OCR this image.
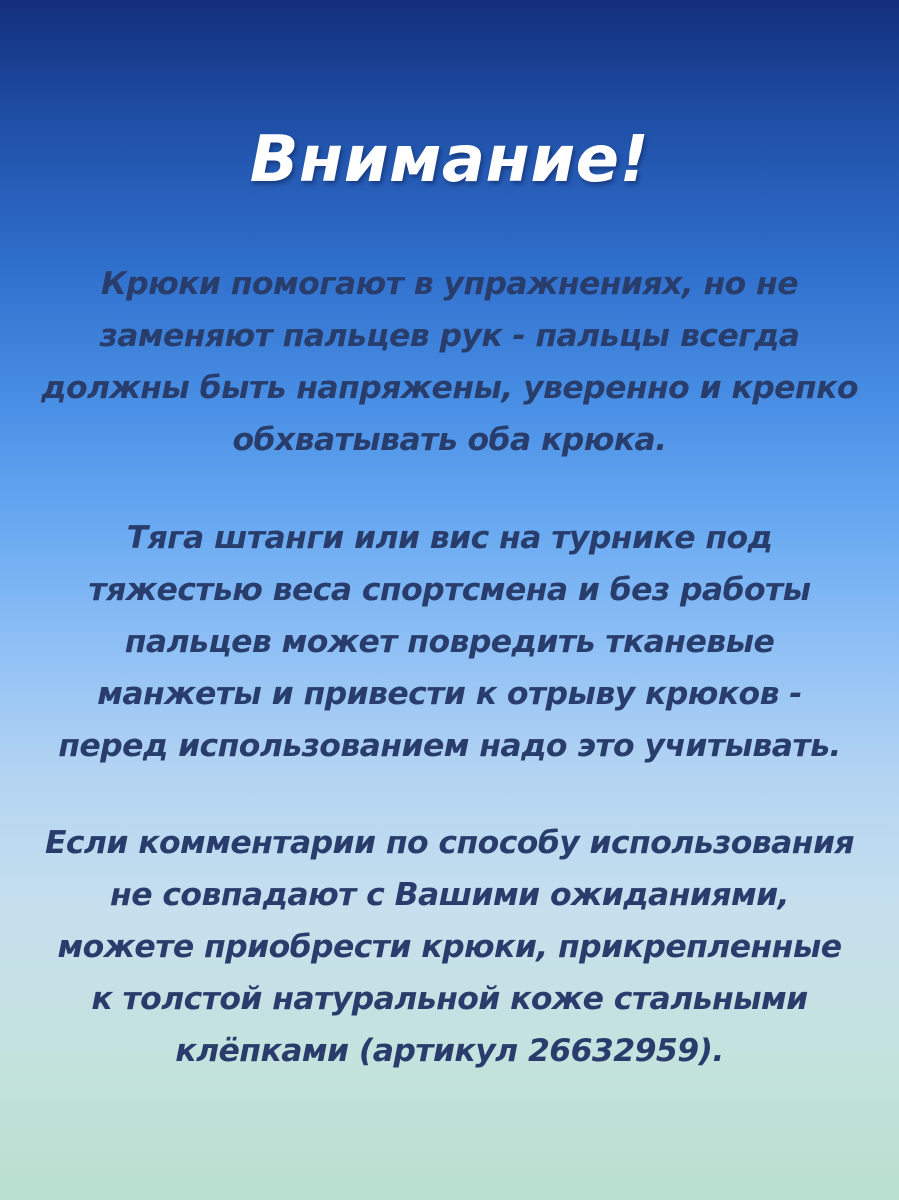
Внимание!

Крюки помогают в упражнениях, но не
заменяют пальцев рук - пальцы всегда
должны быть напряжены, уверенно и крепко
обхватывать оба крюка.

Тяга штанги или вис на турнике под
тяжестью веса спортсмена и без работы
пальцев может повредить тканевые
манжеты и привести к отрыву крюков -
перед использованием надо это учитывать.

Если комментарии по способу использования
не совпадают с Вашими ожиданиями,
можете приобрести крюки, прикрепленные
к толстой натуральной коже стальными
клёпками (артикул 26632959).
